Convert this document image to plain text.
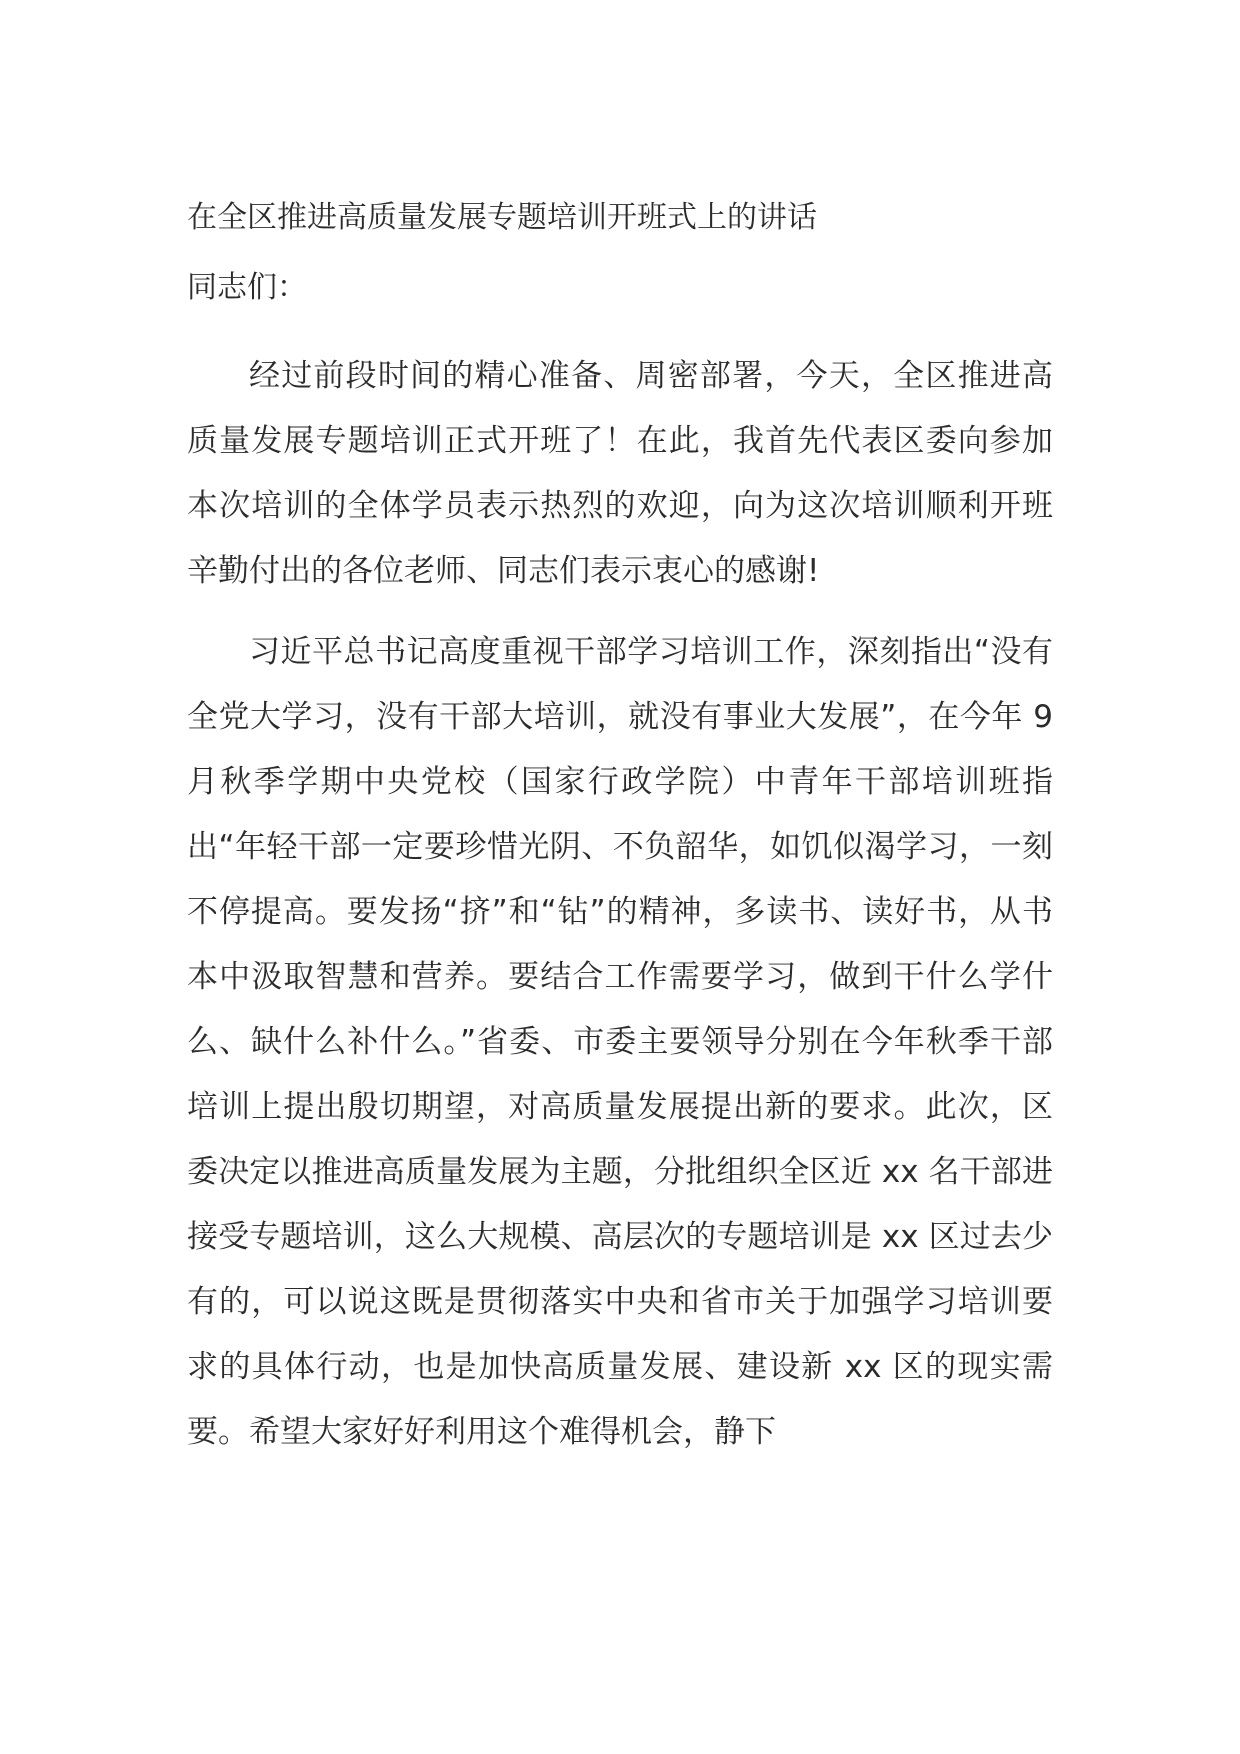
在全区推进高质量发展专题培训开班式上的讲话

同志们：

经过前段时间的精心准备、周密部署，今天，全区推进高质量发展专题培训正式开班了！在此，我首先代表区委向参加本次培训的全体学员表示热烈的欢迎，向为这次培训顺利开班辛勤付出的各位老师、同志们表示衷心的感谢!

习近平总书记高度重视干部学习培训工作，深刻指出“没有全党大学习，没有干部大培训，就没有事业大发展”，在今年 9 月秋季学期中央党校（国家行政学院）中青年干部培训班指出“年轻干部一定要珍惜光阴、不负韶华，如饥似渴学习，一刻不停提高。要发扬“挤”和“钻”的精神，多读书、读好书，从书本中汲取智慧和营养。要结合工作需要学习，做到干什么学什么、缺什么补什么。”省委、市委主要领导分别在今年秋季干部培训上提出殷切期望，对高质量发展提出新的要求。此次，区委决定以推进高质量发展为主题，分批组织全区近 xx 名干部进接受专题培训，这么大规模、高层次的专题培训是 xx 区过去少有的，可以说这既是贯彻落实中央和省市关于加强学习培训要求的具体行动，也是加快高质量发展、建设新 xx 区的现实需要。希望大家好好利用这个难得机会，静下
